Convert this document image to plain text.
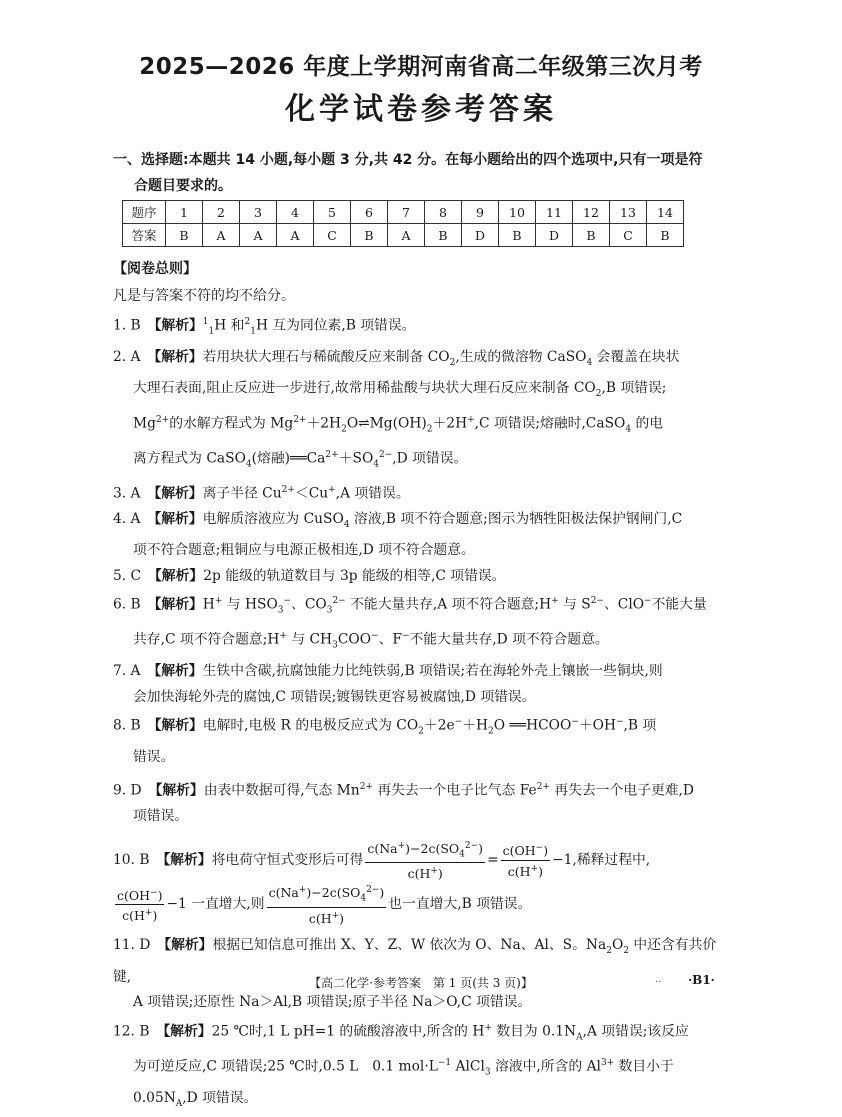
2025—2026 年度上学期河南省高二年级第三次月考
化学试卷参考答案
一、选择题:本题共 14 小题,每小题 3 分,共 42 分。在每小题给出的四个选项中,只有一项是符
合题目要求的。
题序	1	2	3	4	5	6	7	8	9	10	11	12	13	14
答案	B	A	A	A	C	B	A	B	D	B	D	B	C	B
【阅卷总则】
凡是与答案不符的均不给分。

1. B　【解析】$^1_1$H 和$^2_1$H 互为同位素,B 项错误。

2. A　【解析】若用块状大理石与稀硫酸反应来制备 $CO_2$,生成的微溶物 CaSO$_4$ 会覆盖在块状
大理石表面,阻止反应进一步进行,故常用稀盐酸与块状大理石反应来制备 $CO_2,B$ 项错误;
$Mg^{2+}$的水解方程式为 $Mg^{2+}+2H_2O\rightleftharpoons Mg(OH)_2+2H^+,C$ 项错误;熔融时,CaSO$_4$ 的电
离方程式为 CaSO$_4$(熔融)$══Ca^{2+}+SO_4^{2-},D$ 项错误。

3. A　【解析】离子半径 $Cu^{2+}<Cu^+,A$ 项错误。

4. A　【解析】电解质溶液应为 CuSO$_4$ 溶液,B 项不符合题意;图示为牺牲阳极法保护钢闸门,C
项不符合题意;粗铜应与电源正极相连,D 项不符合题意。

5. C　【解析】2p 能级的轨道数目与 3p 能级的相等,C 项错误。

6. B　【解析】H+ 与 $HSO_3^-$、$CO_3^{2-}$ 不能大量共存,A 项不符合题意;H+ 与 $S^{2-}$、ClO−不能大量
共存,C 项不符合题意;H+ 与 $CH_3COO^-$、F−不能大量共存,D 项不符合题意。

7. A　【解析】生铁中含碳,抗腐蚀能力比纯铁弱,B 项错误;若在海轮外壳上镶嵌一些铜块,则
会加快海轮外壳的腐蚀,C 项错误;镀锡铁更容易被腐蚀,D 项错误。

8. B　【解析】电解时,电极 R 的电极反应式为 $CO_2+2e^-+H_2O$ ══HCOO−＋OH−,B 项
错误。

9. D　【解析】由表中数据可得,气态 $Mn^{2+}$ 再失去一个电子比气态 $Fe^{2+}$ 再失去一个电子更难,D
项错误。

10. B　【解析】将电荷守恒式变形后可得 $\frac{c(Na^+)-2c(SO_4^{2-})}{c(H^+)} = \frac{c(OH^-)}{c(H^+)} -1$,稀释过程中,

$\frac{c(OH^-)}{c(H^+)} -1$ 一直增大,则 $\frac{c(Na^+)-2c(SO_4^{2-})}{c(H^+)}$ 也一直增大,B 项错误。

11. D　【解析】根据已知信息可推出 X、Y、Z、W 依次为 O、Na、Al、S。$Na_2O_2$ 中还含有共价键,
A 项错误;还原性 Na＞Al,B 项错误;原子半径 Na＞O,C 项错误。

12. B　【解析】25 ℃时,1 L pH=1 的硫酸溶液中,所含的 H+ 数目为 $0.1N_A,A$ 项错误;该反应
为可逆反应,C 项错误;25 ℃时,0.5 L　0.1 $mol\cdot L^{-1}$ AlCl$_3$ 溶液中,所含的 $Al^{3+}$ 数目小于
$0.05N_A,D$ 项错误。

【高二化学·参考答案　第 1 页(共 3 页)】	·· ·B1·
